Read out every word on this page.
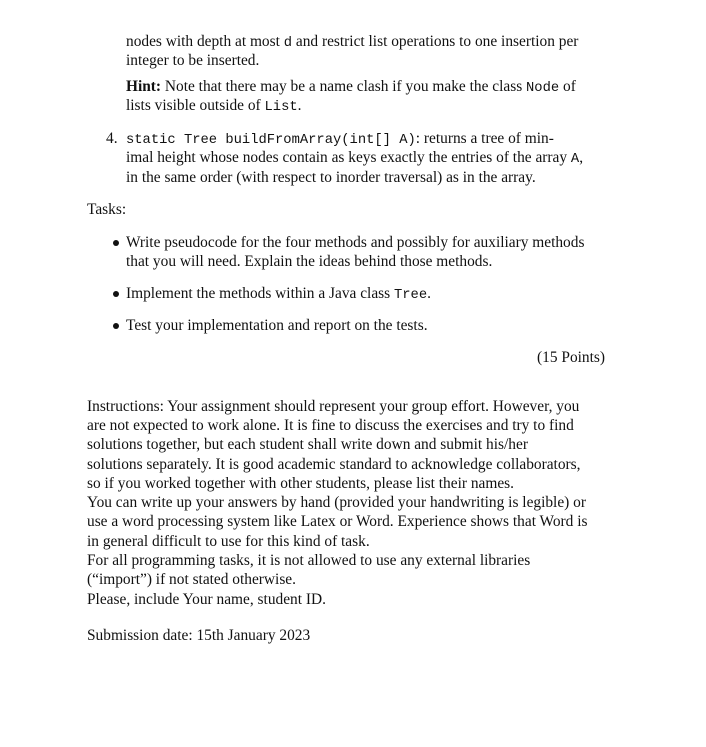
nodes with depth at most d and restrict list operations to one insertion per
integer to be inserted.
Hint: Note that there may be a name clash if you make the class Node of
lists visible outside of List.
4. static Tree buildFromArray(int[] A): returns a tree of min-
imal height whose nodes contain as keys exactly the entries of the array A,
in the same order (with respect to inorder traversal) as in the array.
Tasks:
Write pseudocode for the four methods and possibly for auxiliary methods
that you will need. Explain the ideas behind those methods.
Implement the methods within a Java class Tree.
Test your implementation and report on the tests.
(15 Points)
Instructions: Your assignment should represent your group effort. However, you
are not expected to work alone. It is fine to discuss the exercises and try to find
solutions together, but each student shall write down and submit his/her
solutions separately. It is good academic standard to acknowledge collaborators,
so if you worked together with other students, please list their names.
You can write up your answers by hand (provided your handwriting is legible) or
use a word processing system like Latex or Word. Experience shows that Word is
in general difficult to use for this kind of task.
For all programming tasks, it is not allowed to use any external libraries
(“import”) if not stated otherwise.
Please, include Your name, student ID.
Submission date: 15th January 2023
